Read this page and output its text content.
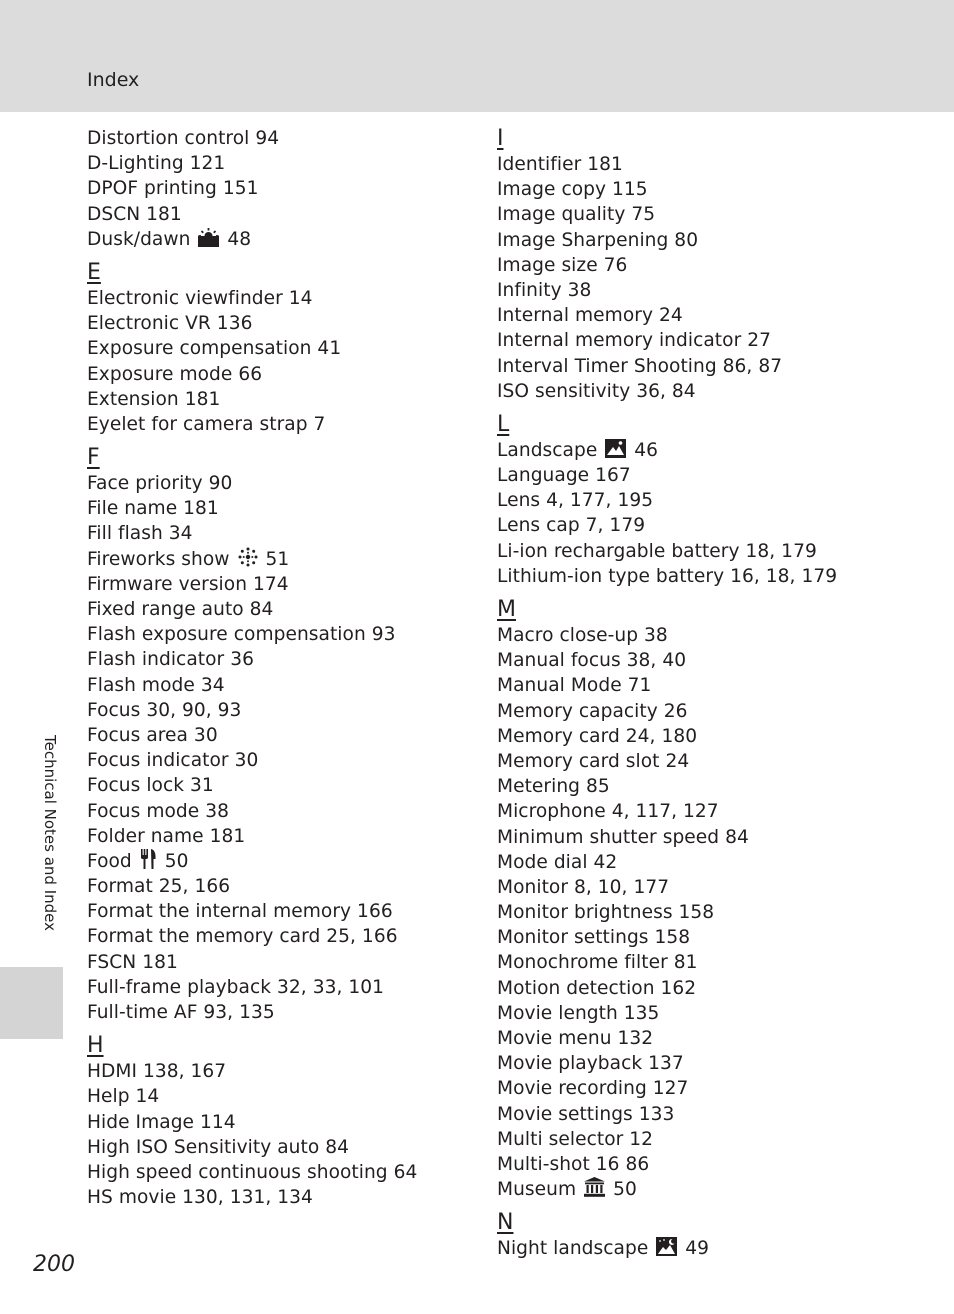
Index
Distortion control 94
D-Lighting 121
DPOF printing 151
DSCN 181
Dusk/dawn 48
E
Electronic viewfinder 14
Electronic VR 136
Exposure compensation 41
Exposure mode 66
Extension 181
Eyelet for camera strap 7
F
Face priority 90
File name 181
Fill flash 34
Fireworks show 51
Firmware version 174
Fixed range auto 84
Flash exposure compensation 93
Flash indicator 36
Flash mode 34
Focus 30, 90, 93
Focus area 30
Focus indicator 30
Focus lock 31
Focus mode 38
Folder name 181
Food 50
Format 25, 166
Format the internal memory 166
Format the memory card 25, 166
FSCN 181
Full-frame playback 32, 33, 101
Full-time AF 93, 135
H
HDMI 138, 167
Help 14
Hide Image 114
High ISO Sensitivity auto 84
High speed continuous shooting 64
HS movie 130, 131, 134
I
Identifier 181
Image copy 115
Image quality 75
Image Sharpening 80
Image size 76
Infinity 38
Internal memory 24
Internal memory indicator 27
Interval Timer Shooting 86, 87
ISO sensitivity 36, 84
L
Landscape 46
Language 167
Lens 4, 177, 195
Lens cap 7, 179
Li-ion rechargable battery 18, 179
Lithium-ion type battery 16, 18, 179
M
Macro close-up 38
Manual focus 38, 40
Manual Mode 71
Memory capacity 26
Memory card 24, 180
Memory card slot 24
Metering 85
Microphone 4, 117, 127
Minimum shutter speed 84
Mode dial 42
Monitor 8, 10, 177
Monitor brightness 158
Monitor settings 158
Monochrome filter 81
Motion detection 162
Movie length 135
Movie menu 132
Movie playback 137
Movie recording 127
Movie settings 133
Multi selector 12
Multi-shot 16 86
Museum 50
N
Night landscape 49
Technical Notes and Index
200
